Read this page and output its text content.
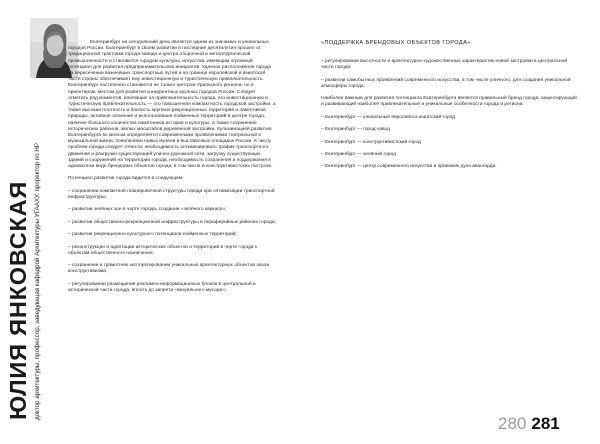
ЮЛИЯ ЯНКОВСКАЯ доктор архитектуры, профессор, заведующая кафедрой Архитектуры УГААХУ, проректор по НР

Екатеринбург на сегодняшний день является одним из значимых и уникальных городов России. Екатеринбург в своем развитии в последние десятилетия прошел от традиционной трактовки города-завода и центра оборонной и металлургической промышленности и становится городом культуры, искусства, имеющим огромный потенциал для развития предпринимательских инициатив. Удачное расположение города на пересечении важнейших транспортных путей и на границе европейской и азиатской части страны обеспечивает ему инвестиционную и туристическую привлекательность. Екатеринбург постепенно становится не только центром Уральского региона, но и ориентиром, местом для развития конкурентных крупных городов России. Следует отметить ряд моментов, влияющих на привлекательность города, его инвестиционную и туристическую привлекательность — это повышенная компактность городской застройки, а также высокая плотность и близость крупных рекреационных территорий и памятников природы, активное освоение и использование пойменных территорий в центре города, наличие большого количества памятников истории и культуры, а также сохранение исторических районов, жилых масштабов деревянной застройки. Кульминацией развития Екатеринбурга во многом определяется современными проявлениями театральной и музыкальной жизни, появлением новых музеев и выставочных площадок России. К числу проблем города следует отнести: необходимость оптимизировать трафик транспортного движения и разгрузки существующей улично-дорожной сети, загрузку существующих зданий и сооружений на территории города, необходимость сохранения и поддержания в адекватном виде брендовых объектов города, в том числе и конструктивистских построек.

Потенциал развития города видится в следующем:

– сохранении компактной планировочной структуры города при оптимизации транспортной инфраструктуры;

– развитии зелёных зон в черте города, создании «зелёного каркаса»;

– развитии общественно-рекреационной инфраструктуры в периферийных районах города;

– развитии рекреационно-культурного потенциала пойменных территорий;

– реконструкции и адаптации исторических объектов и территорий в черте города к объектам общественного назначения;

– сохранении и грамотном эксплуатировании уникальных архитектурных объектов эпохи конструктивизма;

– регулировании размещения рекламно-информационных блоков в центральной и исторической части города, вплоть до запрета «визуального мусора»;

«ПОДДЕРЖКА БРЕНДОВЫХ ОБЪЕКТОВ ГОРОДА»

– регулировании высотности и архитектурно-художественных характеристик новой застройки в центральной части города;

– развитии самобытных проявлений современного искусства, в том числе уличного, для создания уникальной атмосферы города.

Наиболее важным для развития потенциала Екатеринбурга является правильный бренд города, акцентирующий и развивающий наиболее привлекательные и уникальные особенности города и региона:

– Екатеринбург — уникальный европейско-азиатский город

– Екатеринбург — город-завод

– Екатеринбург — конструктивистский город

– Екатеринбург — зелёный город

– Екатеринбург — центр современного искусства и приемник духа авангарда.

280 281
